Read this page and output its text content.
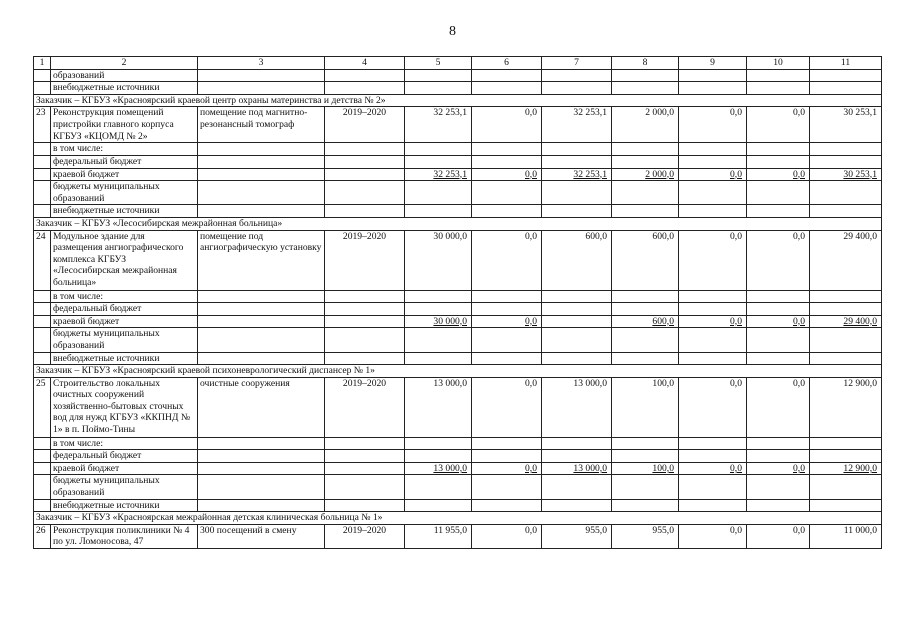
8
1	2	3	4	5	6	7	8	9	10	11
	образований									
	внебюджетные источники									
Заказчик – КГБУЗ «Красноярский краевой центр охраны материнства и детства № 2»										
23	Реконструкция помещений пристройки главного корпуса КГБУЗ «КЦОМД № 2»	помещение под магнитно-резонансный томограф	2019–2020	32 253,1	0,0	32 253,1	2 000,0	0,0	0,0	30 253,1
	в том числе:									
	федеральный бюджет									
	краевой бюджет			32 253,1	0,0	32 253,1	2 000,0	0,0	0,0	30 253,1
	бюджеты муниципальных образований									
	внебюджетные источники									
Заказчик – КГБУЗ «Лесосибирская межрайонная больница»										
24	Модульное здание для размещения ангиографического комплекса КГБУЗ «Лесосибирская межрайонная больница»	помещение под ангиографическую установку	2019–2020	30 000,0	0,0	600,0	600,0	0,0	0,0	29 400,0
	в том числе:									
	федеральный бюджет									
	краевой бюджет			30 000,0	0,0		600,0	0,0	0,0	29 400,0
	бюджеты муниципальных образований									
	внебюджетные источники									
Заказчик – КГБУЗ «Красноярский краевой психоневрологический диспансер № 1»										
25	Строительство локальных очистных сооружений хозяйственно-бытовых сточных вод для нужд КГБУЗ «ККПНД № 1» в п. Поймо-Тины	очистные сооружения	2019–2020	13 000,0	0,0	13 000,0	100,0	0,0	0,0	12 900,0
	в том числе:									
	федеральный бюджет									
	краевой бюджет			13 000,0	0,0	13 000,0	100,0	0,0	0,0	12 900,0
	бюджеты муниципальных образований									
	внебюджетные источники									
Заказчик – КГБУЗ «Красноярская межрайонная детская клиническая больница № 1»										
26	Реконструкция поликлиники № 4 по ул. Ломоносова, 47	300 посещений в смену	2019–2020	11 955,0	0,0	955,0	955,0	0,0	0,0	11 000,0
